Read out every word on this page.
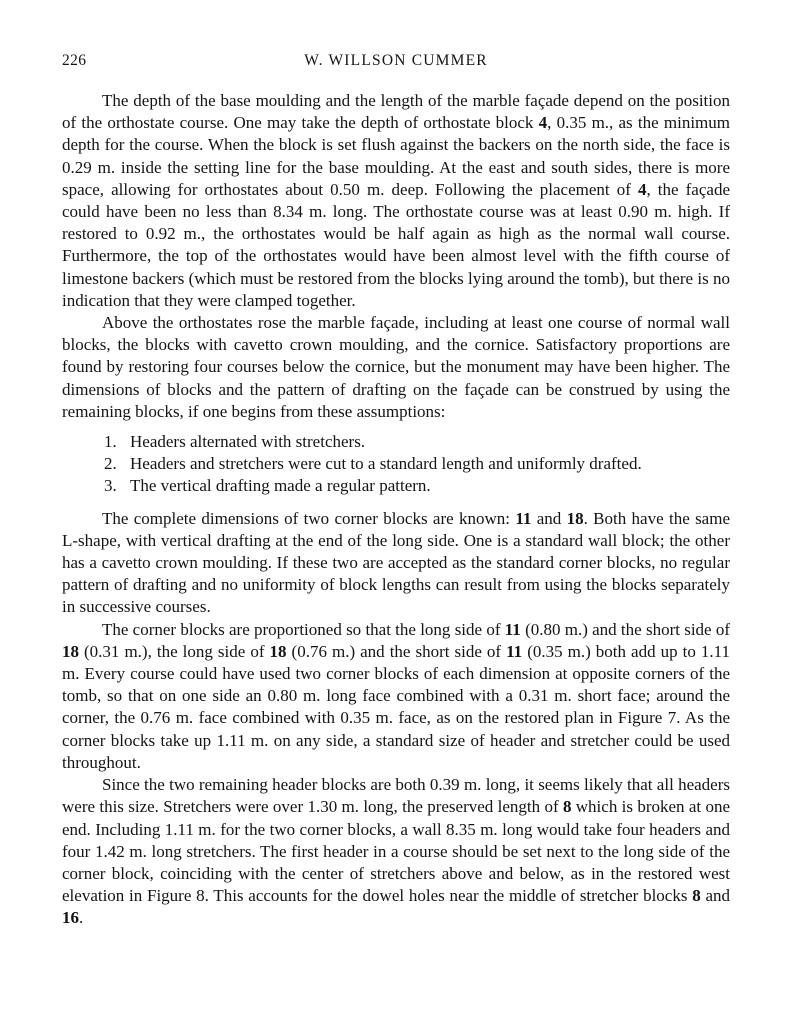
226	W. WILLSON CUMMER

The depth of the base moulding and the length of the marble façade depend on the position of the orthostate course. One may take the depth of orthostate block 4, 0.35 m., as the minimum depth for the course. When the block is set flush against the backers on the north side, the face is 0.29 m. inside the setting line for the base moulding. At the east and south sides, there is more space, allowing for orthostates about 0.50 m. deep. Following the placement of 4, the façade could have been no less than 8.34 m. long. The orthostate course was at least 0.90 m. high. If restored to 0.92 m., the orthostates would be half again as high as the normal wall course. Furthermore, the top of the orthostates would have been almost level with the fifth course of limestone backers (which must be restored from the blocks lying around the tomb), but there is no indication that they were clamped together.

Above the orthostates rose the marble façade, including at least one course of normal wall blocks, the blocks with cavetto crown moulding, and the cornice. Satisfactory proportions are found by restoring four courses below the cornice, but the monument may have been higher. The dimensions of blocks and the pattern of drafting on the façade can be construed by using the remaining blocks, if one begins from these assumptions:

1. Headers alternated with stretchers.
2. Headers and stretchers were cut to a standard length and uniformly drafted.
3. The vertical drafting made a regular pattern.

The complete dimensions of two corner blocks are known: 11 and 18. Both have the same L-shape, with vertical drafting at the end of the long side. One is a standard wall block; the other has a cavetto crown moulding. If these two are accepted as the standard corner blocks, no regular pattern of drafting and no uniformity of block lengths can result from using the blocks separately in successive courses.

The corner blocks are proportioned so that the long side of 11 (0.80 m.) and the short side of 18 (0.31 m.), the long side of 18 (0.76 m.) and the short side of 11 (0.35 m.) both add up to 1.11 m. Every course could have used two corner blocks of each dimension at opposite corners of the tomb, so that on one side an 0.80 m. long face combined with a 0.31 m. short face; around the corner, the 0.76 m. face combined with 0.35 m. face, as on the restored plan in Figure 7. As the corner blocks take up 1.11 m. on any side, a standard size of header and stretcher could be used throughout.

Since the two remaining header blocks are both 0.39 m. long, it seems likely that all headers were this size. Stretchers were over 1.30 m. long, the preserved length of 8 which is broken at one end. Including 1.11 m. for the two corner blocks, a wall 8.35 m. long would take four headers and four 1.42 m. long stretchers. The first header in a course should be set next to the long side of the corner block, coinciding with the center of stretchers above and below, as in the restored west elevation in Figure 8. This accounts for the dowel holes near the middle of stretcher blocks 8 and 16.
